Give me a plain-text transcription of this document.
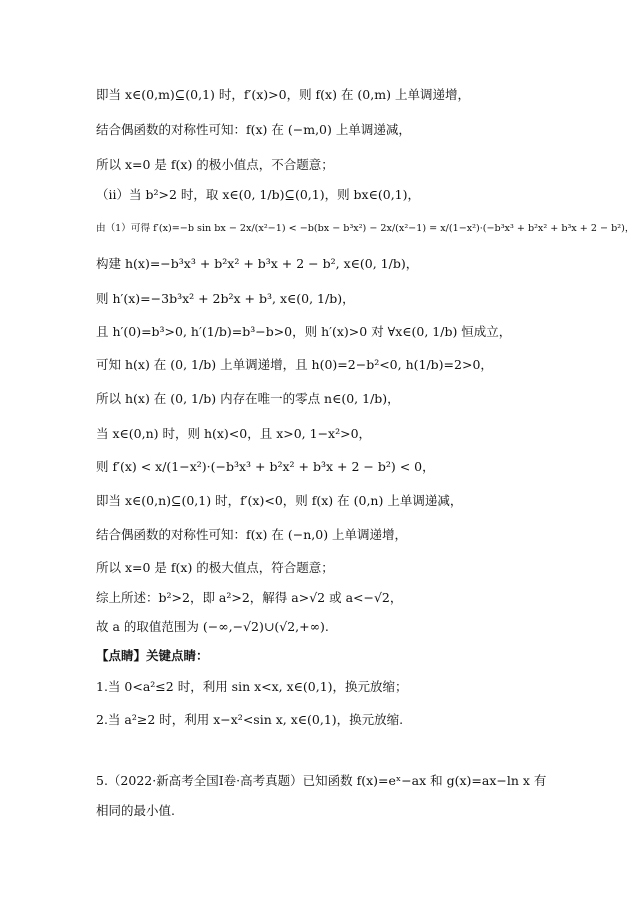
即当 x∈(0,m)⊆(0,1) 时，f′(x)>0，则 f(x) 在 (0,m) 上单调递增，
结合偶函数的对称性可知：f(x) 在 (−m,0) 上单调递减，
所以 x=0 是 f(x) 的极小值点，不合题意；
（ⅱ）当 b²>2 时，取 x∈(0, 1/b)⊆(0,1)，则 bx∈(0,1)，
由（1）可得 f′(x)=−b sin bx − 2x/(x²−1) < −b(bx − b³x²) − 2x/(x²−1) = x/(1−x²)·(−b³x³ + b²x² + b³x + 2 − b²)，
构建 h(x)=−b³x³ + b²x² + b³x + 2 − b², x∈(0, 1/b)，
则 h′(x)=−3b³x² + 2b²x + b³, x∈(0, 1/b)，
且 h′(0)=b³>0, h′(1/b)=b³−b>0，则 h′(x)>0 对 ∀x∈(0, 1/b) 恒成立，
可知 h(x) 在 (0, 1/b) 上单调递增，且 h(0)=2−b²<0, h(1/b)=2>0，
所以 h(x) 在 (0, 1/b) 内存在唯一的零点 n∈(0, 1/b)，
当 x∈(0,n) 时，则 h(x)<0，且 x>0, 1−x²>0，
则 f′(x) < x/(1−x²)·(−b³x³ + b²x² + b³x + 2 − b²) < 0，
即当 x∈(0,n)⊆(0,1) 时，f′(x)<0，则 f(x) 在 (0,n) 上单调递减，
结合偶函数的对称性可知：f(x) 在 (−n,0) 上单调递增，
所以 x=0 是 f(x) 的极大值点，符合题意；
综上所述：b²>2，即 a²>2，解得 a>√2 或 a<−√2，
故 a 的取值范围为 (−∞,−√2)∪(√2,+∞).
【点睛】关键点睛：
1.当 0<a²≤2 时，利用 sin x<x, x∈(0,1)，换元放缩；
2.当 a²≥2 时，利用 x−x²<sin x, x∈(0,1)，换元放缩.
5.（2022·新高考全国Ⅰ卷·高考真题）已知函数 f(x)=eˣ−ax 和 g(x)=ax−ln x 有相同的最小值.
